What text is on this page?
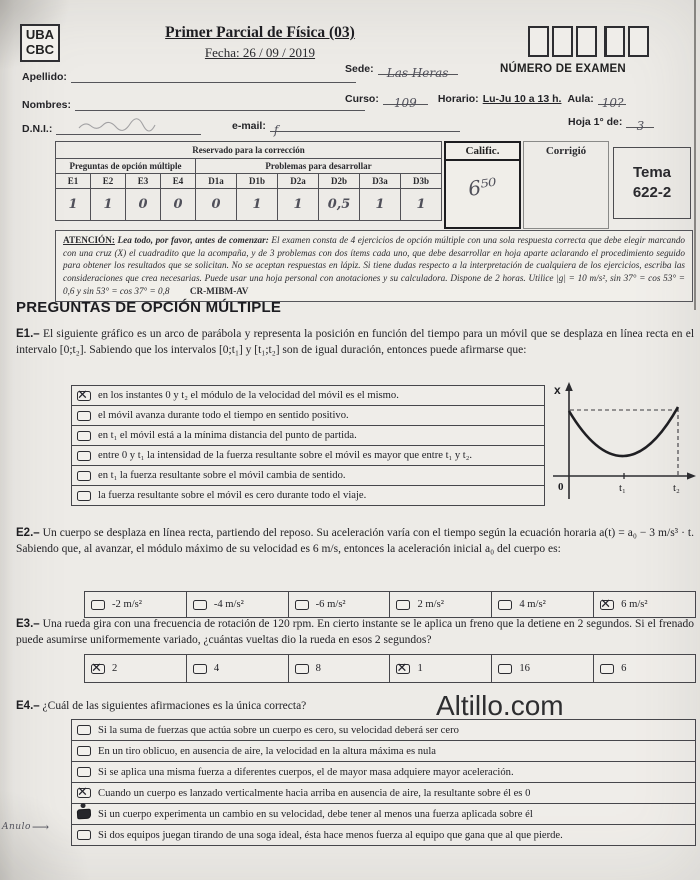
UBA
CBC
Primer Parcial de Física (03)
Fecha: 26 / 09 / 2019
NÚMERO DE EXAMEN
Apellido:
Sede:	Las Heras
Nombres:	Curso:	109	Horario: Lu-Ju 10 a 13 h. Aula: 10?
D.N.I.:	e-mail: f
Hoja 1° de:	3
Reservado para la corrección									
Preguntas de opción múltiple				Problemas para desarrollar					
E1	E2	E3	E4	D1a	D1b	D2a	D2b	D3a	D3b
1	1	0	0	0	1	1	0,5	1	1
Calific.
6⁵⁰
Corrigió
Tema
622-2
ATENCIÓN: Lea todo, por favor, antes de comenzar: El examen consta de 4 ejercicios de opción múltiple con una sola respuesta correcta que debe elegir marcando con una cruz (X) el cuadradito que la acompaña, y de 3 problemas con dos ítems cada uno, que debe desarrollar en hoja aparte aclarando el procedimiento seguido para obtener los resultados que se solicitan. No se aceptan respuestas en lápiz. Si tiene dudas respecto a la interpretación de cualquiera de los ejercicios, escriba las consideraciones que crea necesarias. Puede usar una hoja personal con anotaciones y su calculadora. Dispone de 2 horas. Utilice |g| = 10 m/s², sin 37° = cos 53° = 0,6 y sin 53° = cos 37° = 0,8 CR-MIBM-AV
PREGUNTAS DE OPCIÓN MÚLTIPLE
E1.– El siguiente gráfico es un arco de parábola y representa la posición en función del tiempo para un móvil que se desplaza en línea recta en el intervalo [0;t₂]. Sabiendo que los intervalos [0;t₁] y [t₁;t₂] son de igual duración, entonces puede afirmarse que:
✕
en los instantes 0 y t₂ el módulo de la velocidad del móvil es el mismo.
el móvil avanza durante todo el tiempo en sentido positivo.
en t₁ el móvil está a la mínima distancia del punto de partida.
entre 0 y t₁ la intensidad de la fuerza resultante sobre el móvil es mayor que entre t₁ y t₂.
en t₁ la fuerza resultante sobre el móvil cambia de sentido.
la fuerza resultante sobre el móvil es cero durante todo el viaje.
x
0	t₁	t₂
E2.– Un cuerpo se desplaza en línea recta, partiendo del reposo. Su aceleración varía con el tiempo según la ecuación horaria a(t) = a₀ − 3 m/s³ · t. Sabiendo que, al avanzar, el módulo máximo de su velocidad es 6 m/s, entonces la aceleración inicial a₀ del cuerpo es:
-2 m/s²	-4 m/s²	-6 m/s²	2 m/s²	4 m/s² ✕	6 m/s²
E3.– Una rueda gira con una frecuencia de rotación de 120 rpm. En cierto instante se le aplica un freno que la detiene en 2 segundos. Si el frenado puede asumirse uniformemente variado, ¿cuántas vueltas dio la rueda en esos 2 segundos?
✕
2	4	8 ✕	1	16	6
E4.– ¿Cuál de las siguientes afirmaciones es la única correcta?	Altillo.com
Si la suma de fuerzas que actúa sobre un cuerpo es cero, su velocidad deberá ser cero
En un tiro oblicuo, en ausencia de aire, la velocidad en la altura máxima es nula
Si se aplica una misma fuerza a diferentes cuerpos, el de mayor masa adquiere mayor aceleración.
✕
Cuando un cuerpo es lanzado verticalmente hacia arriba en ausencia de aire, la resultante sobre él es 0
Si un cuerpo experimenta un cambio en su velocidad, debe tener al menos una fuerza aplicada sobre él
Si dos equipos juegan tirando de una soga ideal, ésta hace menos fuerza al equipo que gana que al que pierde.
Anulo ⟶
